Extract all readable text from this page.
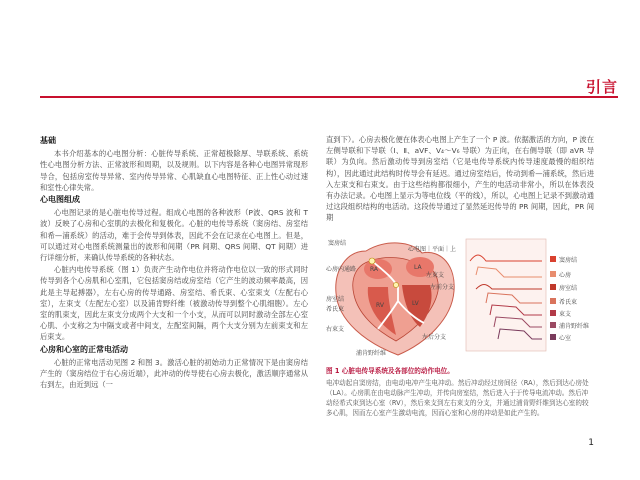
引言
基础

本书介绍基本的心电图分析：心脏传导系统、正常超极除厚、导联系统、系统性心电图分析方法、正常波形和周期，以及规则。以下内容是各种心电图异常现形导合，包括房室传导异常、室内传导异常、心肌缺血心电图特征、正上性心动过速和室性心律失常。

心电图组成

心电图记录的是心脏电传导过程。组成心电图的各种波形（P波、QRS 波和 T 波）反映了心房和心室肌的去极化和复极化。心脏的电传导系统（窦房结、房室结和希—浦系统）的活动，难于会传导到体表，因此不会在记录在心电图上。但是，可以通过对心电图系统测量出的波形和间期（PR 间期、QRS 间期、QT 间期）进行详细分析，来确认传导系统的各种状态。

心脏内电传导系统（图 1）负责产生动作电位并将动作电位以一致的形式同时传导到各个心房肌和心室肌，它包括窦房结或房室结（它产生的波动频率最高，因此是主导起搏器），左右心房的传导通路、房室结、希氏束、心室束支（左配右心室），左束支（左配左心室）以及浦肯野纤维（被激动传导到整个心肌细胞）。左心室的肌束支，因此左束支分成两个大支和一个小支，从而可以同时激动全部左心室心肌、小支称之为中隔支或者中间支，左配室间隔，两个大支分别为左前束支和左后束支。

心房和心室的正常电活动

心脏的正常电活动见图 2 和图 3。激活心脏的初始动力正常情况下是由窦房结产生的（窦房结位于右心房近端），此冲动的传导使右心房去极化，激活顺序通常从右到左，由近到远（一

直到下）。心房去极化便在体表心电图上产生了一个 P 波。依据激活的方向，P 波在左侧导联和下导联（Ⅰ、Ⅱ、aVF、V₄～V₆ 导联）为正向，在右侧导联（即 aVR 导联）为负向。然后激动传导到房室结（它是电传导系统内传导速度最慢的组织结构），因此通过此结构时传导会有延迟。通过房室结后，传动到希—浦系统，然后进入左束支和右束支。由于这些结构都很细小，产生的电活动非常小，所以在体表没有办法记录。心电图上显示为等电位线（平的线），所以，心电图上记录不到激动通过这段组织结构的电活动。这段传导通过了显然延迟传导的 PR 间期，因此，PR 间期

RA	LA
RV	LV
窦房结
心房内通路
房室结
希氏束
右束支
左束支
左前分支
左后分支
浦肯野纤维
心电图｜平面｜上
窦房结
心房
房室结
希氏束
束支
浦肯野纤维
心室
图 1 心脏电传导系统及各部位的动作电位。
电冲动起自窦房结，由电动电冲产生电冲动。然后冲动经过房间径（RA），然后到达心房处（LA）。心房肌在由电动脉产生冲动，并传向房室结，然后进入于于传导电流冲动。然后冲动经希式束到达心室（RV），然后来支到左右束支的分支，并通过浦肯野纤维到达心室的较多心肌，因而左心室产生激动电流，因而心室和心房的冲动是如此产生的。
1
